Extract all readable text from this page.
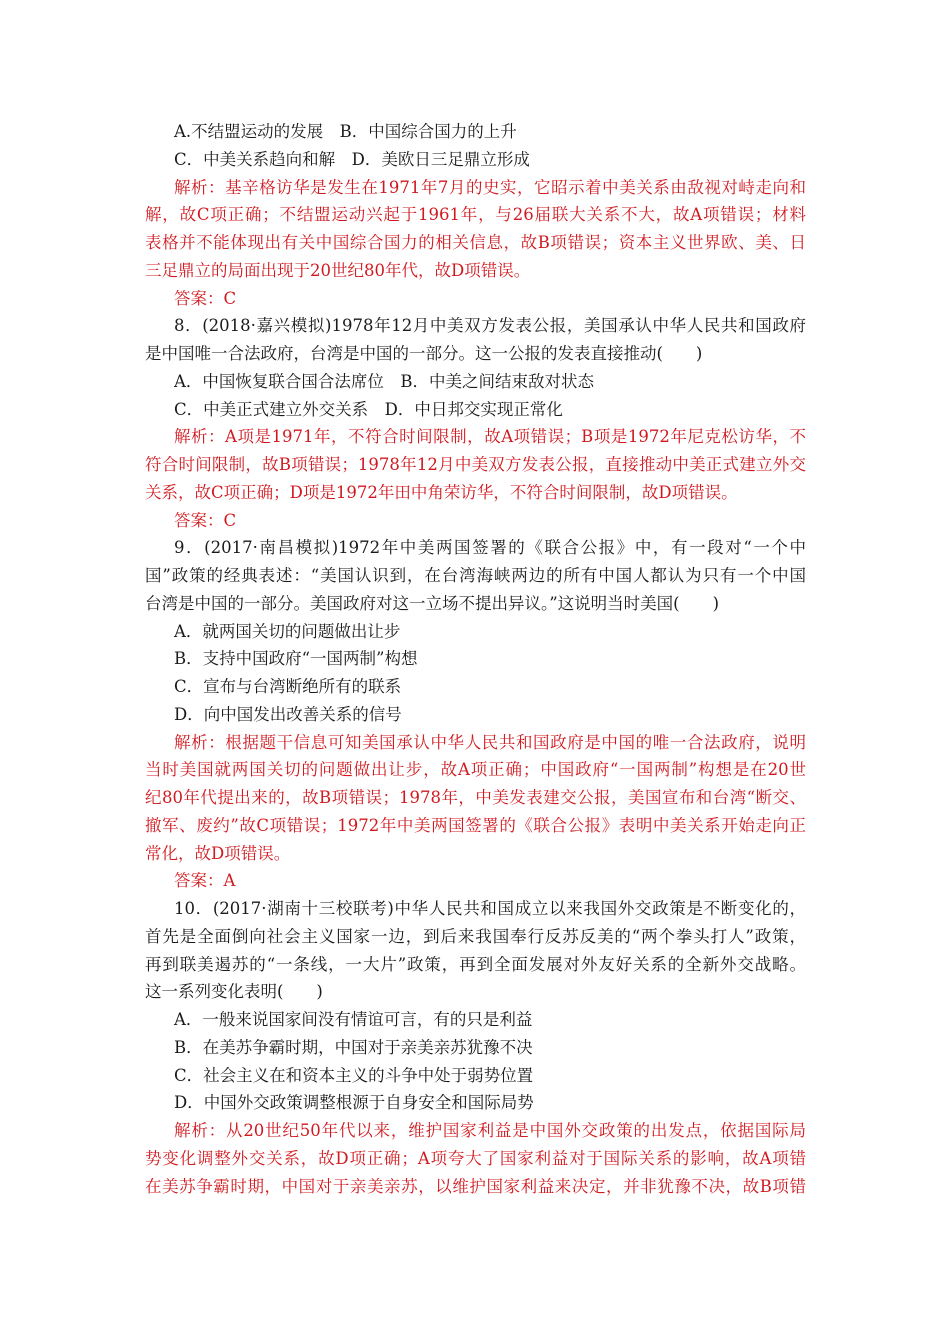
A.不结盟运动的发展　B．中国综合国力的上升
C．中美关系趋向和解　D．美欧日三足鼎立形成
解析：基辛格访华是发生在1971年7月的史实，它昭示着中美关系由敌视对峙走向和
解，故C项正确；不结盟运动兴起于1961年，与26届联大关系不大，故A项错误；材料
表格并不能体现出有关中国综合国力的相关信息，故B项错误；资本主义世界欧、美、日
三足鼎立的局面出现于20世纪80年代，故D项错误。
答案：C
8．(2018·嘉兴模拟)1978年12月中美双方发表公报，美国承认中华人民共和国政府
是中国唯一合法政府，台湾是中国的一部分。这一公报的发表直接推动(　　)
A．中国恢复联合国合法席位　B．中美之间结束敌对状态
C．中美正式建立外交关系　D．中日邦交实现正常化
解析：A项是1971年，不符合时间限制，故A项错误；B项是1972年尼克松访华，不
符合时间限制，故B项错误；1978年12月中美双方发表公报，直接推动中美正式建立外交
关系，故C项正确；D项是1972年田中角荣访华，不符合时间限制，故D项错误。
答案：C
9．(2017·南昌模拟)1972年中美两国签署的《联合公报》中，有一段对“一个中
国”政策的经典表述：“美国认识到，在台湾海峡两边的所有中国人都认为只有一个中国
台湾是中国的一部分。美国政府对这一立场不提出异议。”这说明当时美国(　　)
A．就两国关切的问题做出让步
B．支持中国政府“一国两制”构想
C．宣布与台湾断绝所有的联系
D．向中国发出改善关系的信号
解析：根据题干信息可知美国承认中华人民共和国政府是中国的唯一合法政府，说明
当时美国就两国关切的问题做出让步，故A项正确；中国政府“一国两制”构想是在20世
纪80年代提出来的，故B项错误；1978年，中美发表建交公报，美国宣布和台湾“断交、
撤军、废约”故C项错误；1972年中美两国签署的《联合公报》表明中美关系开始走向正
常化，故D项错误。
答案：A
10．(2017·湖南十三校联考)中华人民共和国成立以来我国外交政策是不断变化的，
首先是全面倒向社会主义国家一边，到后来我国奉行反苏反美的“两个拳头打人”政策，
再到联美遏苏的“一条线，一大片”政策，再到全面发展对外友好关系的全新外交战略。
这一系列变化表明(　　)
A．一般来说国家间没有情谊可言，有的只是利益
B．在美苏争霸时期，中国对于亲美亲苏犹豫不决
C．社会主义在和资本主义的斗争中处于弱势位置
D．中国外交政策调整根源于自身安全和国际局势
解析：从20世纪50年代以来，维护国家利益是中国外交政策的出发点，依据国际局
势变化调整外交关系，故D项正确；A项夸大了国家利益对于国际关系的影响，故A项错
在美苏争霸时期，中国对于亲美亲苏，以维护国家利益来决定，并非犹豫不决，故B项错
